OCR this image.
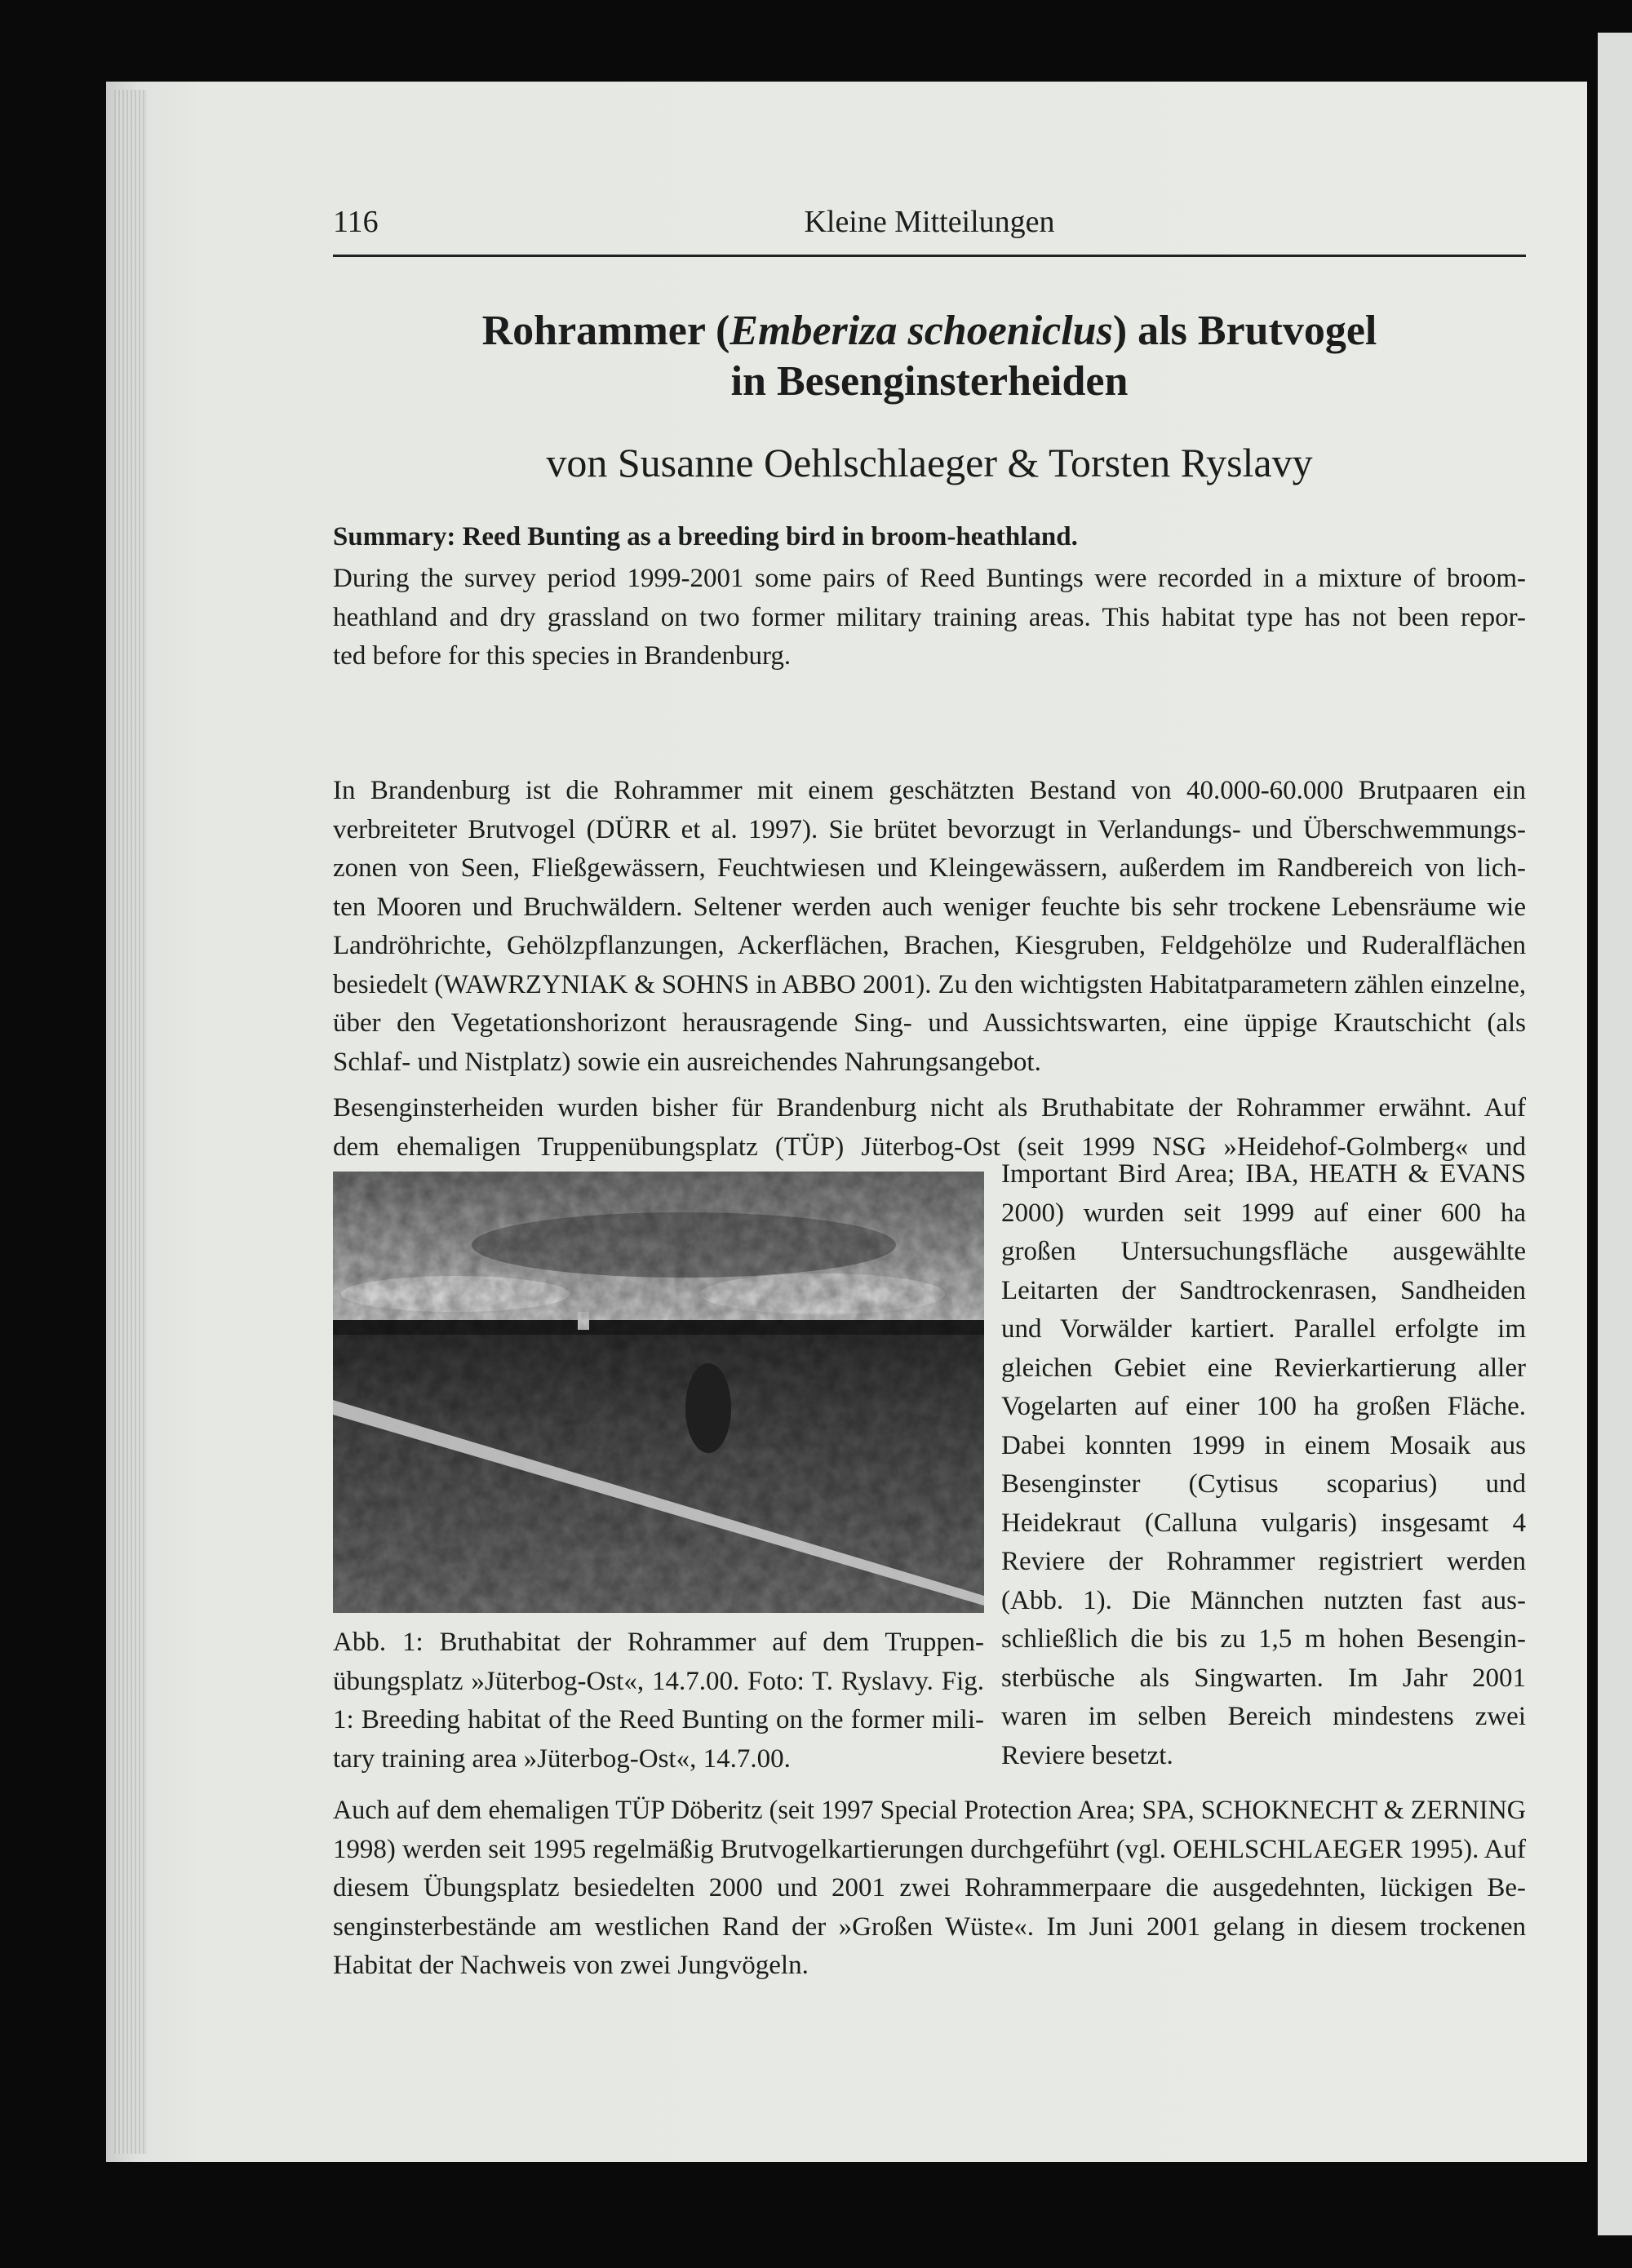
116	Kleine Mitteilungen
Rohrammer (Emberiza schoeniclus) als Brutvogel
in Besenginsterheiden
von Susanne Oehlschlaeger & Torsten Ryslavy
Summary: Reed Bunting as a breeding bird in broom-heathland.
During the survey period 1999-2001 some pairs of Reed Buntings were recorded in a mixture of broom-
heathland and dry grassland on two former military training areas. This habitat type has not been repor-
ted before for this species in Brandenburg.
In Brandenburg ist die Rohrammer mit einem geschätzten Bestand von 40.000-60.000 Brutpaaren ein
verbreiteter Brutvogel (DÜRR et al. 1997). Sie brütet bevorzugt in Verlandungs- und Überschwemmungs-
zonen von Seen, Fließgewässern, Feuchtwiesen und Kleingewässern, außerdem im Randbereich von lich-
ten Mooren und Bruchwäldern. Seltener werden auch weniger feuchte bis sehr trockene Lebensräume wie
Landröhrichte, Gehölzpflanzungen, Ackerflächen, Brachen, Kiesgruben, Feldgehölze und Ruderalflächen
besiedelt (WAWRZYNIAK & SOHNS in ABBO 2001). Zu den wichtigsten Habitatparametern zählen einzelne,
über den Vegetationshorizont herausragende Sing- und Aussichtswarten, eine üppige Krautschicht (als
Schlaf- und Nistplatz) sowie ein ausreichendes Nahrungsangebot.
Besenginsterheiden wurden bisher für Brandenburg nicht als Bruthabitate der Rohrammer erwähnt. Auf
dem ehemaligen Truppenübungsplatz (TÜP) Jüterbog-Ost (seit 1999 NSG »Heidehof-Golmberg« und
Abb. 1: Bruthabitat der Rohrammer auf dem Truppen-
übungsplatz »Jüterbog-Ost«, 14.7.00. Foto: T. Ryslavy. Fig.
1: Breeding habitat of the Reed Bunting on the former mili-
tary training area »Jüterbog-Ost«, 14.7.00.
Important Bird Area; IBA, HEATH & EVANS
2000) wurden seit 1999 auf einer 600 ha
großen Untersuchungsfläche ausgewählte
Leitarten der Sandtrockenrasen, Sandheiden
und Vorwälder kartiert. Parallel erfolgte im
gleichen Gebiet eine Revierkartierung aller
Vogelarten auf einer 100 ha großen Fläche.
Dabei konnten 1999 in einem Mosaik aus
Besenginster (Cytisus scoparius) und
Heidekraut (Calluna vulgaris) insgesamt 4
Reviere der Rohrammer registriert werden
(Abb. 1). Die Männchen nutzten fast aus-
schließlich die bis zu 1,5 m hohen Besengin-
sterbüsche als Singwarten. Im Jahr 2001
waren im selben Bereich mindestens zwei
Reviere besetzt.
Auch auf dem ehemaligen TÜP Döberitz (seit 1997 Special Protection Area; SPA, SCHOKNECHT & ZERNING
1998) werden seit 1995 regelmäßig Brutvogelkartierungen durchgeführt (vgl. OEHLSCHLAEGER 1995). Auf
diesem Übungsplatz besiedelten 2000 und 2001 zwei Rohrammerpaare die ausgedehnten, lückigen Be-
senginsterbestände am westlichen Rand der »Großen Wüste«. Im Juni 2001 gelang in diesem trockenen
Habitat der Nachweis von zwei Jungvögeln.
